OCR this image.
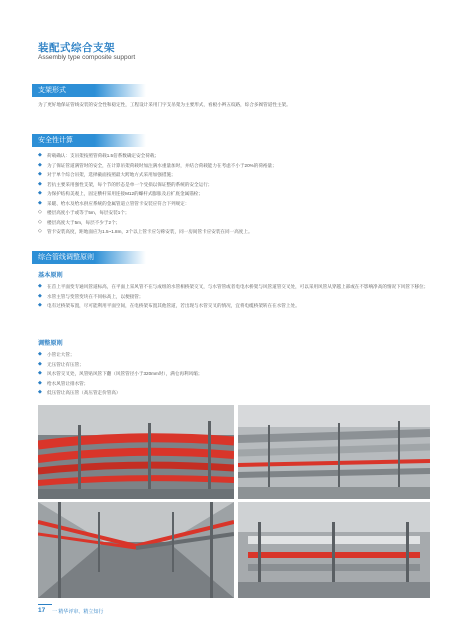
装配式综合支架
Assembly type composite support
支架形式
为了更好地保证管线安装的安全性和稳定性，工程设计采用门字支吊架为主要形式，看板小辫五纹路，综合多阀管道性主架。
安全性计算
◆ 荷载确认：支吊架按照管荷载1.5倍系数确定安全荷载；
◆ 为了保证管道满管时的安全，在计算吊架荷载时加注满水重量加时，并结合荷载能力在考虑不小于20%的荷裕量；
◆ 对于单个综合吊架，选择截面按照最大跨地方式采用加强措施；
◆ 若抗主要采用强性支架，每个节的形态是单一个受损以保证整的系统的安全运行；
◆ 为保护结构美观上，固定横杆采用连接M12的螺杆式膨胀及后扩底金属锚栓；
◆ 采暖、给水及给水供应系统的金属管道立管管卡安装应符合下列规定：
◇ 楼层高度小于或等于5m，每层安装1个；
◇ 楼层高度大于5m，每层不少于2个；
◇ 管卡安装高度，距地面应为1.5~1.8m，2个以上管卡应匀称安装，同一房间管卡应安装在同一高度上。
综合管线调整原则
基本原则
◆ 在首上平面变专通风管道标高，在平面上采风管不在与成组的水管相桥架交叉，与水管管或者电电水桥架与风管道管交叉处，可以采用风管从穿越上部或在不影响净高的情况下风管下移位；
◆ 水管主管与变管变块在不同标高上，以便接管；
◆ 电有过桥架布置，尽可能利用平面空间，在电桥架布置其他管道，若出现与水管交叉的情况，宜将电缆桥架转在在水管上处。
调整原则
◆ 小管让大管；
◆ 无压管让有压管；
◆ 风水管交叉处，风管贴风管下翻（风管管径小于320mm时），满仓再利风缩；
◆ 给水风管让排水管；
◆ 低压管让高压管（高压管走价管高）
17 一 精华评审、精立知行
